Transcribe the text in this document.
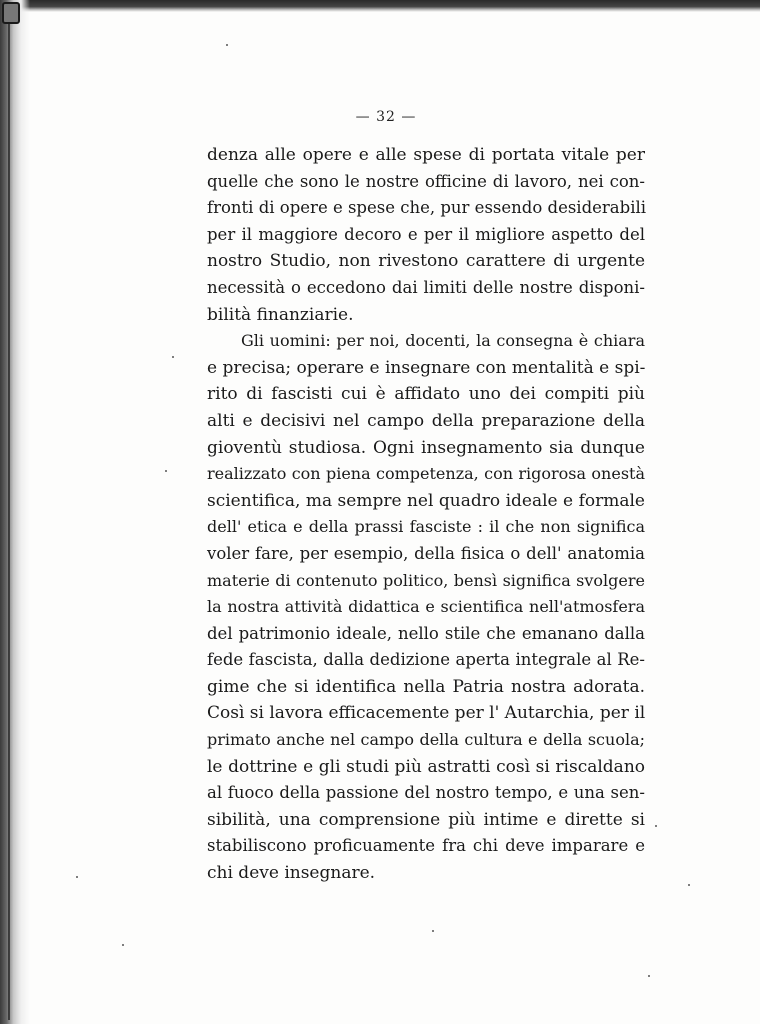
— 32 —
denza alle opere e alle spese di portata vitale per
quelle che sono le nostre officine di lavoro, nei con-
fronti di opere e spese che, pur essendo desiderabili
per il maggiore decoro e per il migliore aspetto del
nostro Studio, non rivestono carattere di urgente
necessità o eccedono dai limiti delle nostre disponi-
bilità finanziarie.
Gli uomini: per noi, docenti, la consegna è chiara
e precisa; operare e insegnare con mentalità e spi-
rito di fascisti cui è affidato uno dei compiti più
alti e decisivi nel campo della preparazione della
gioventù studiosa. Ogni insegnamento sia dunque
realizzato con piena competenza, con rigorosa onestà
scientifica, ma sempre nel quadro ideale e formale
dell' etica e della prassi fasciste : il che non significa
voler fare, per esempio, della fisica o dell' anatomia
materie di contenuto politico, bensì significa svolgere
la nostra attività didattica e scientifica nell'atmosfera
del patrimonio ideale, nello stile che emanano dalla
fede fascista, dalla dedizione aperta integrale al Re-
gime che si identifica nella Patria nostra adorata.
Così si lavora efficacemente per l' Autarchia, per il
primato anche nel campo della cultura e della scuola;
le dottrine e gli studi più astratti così si riscaldano
al fuoco della passione del nostro tempo, e una sen-
sibilità, una comprensione più intime e dirette si
stabiliscono proficuamente fra chi deve imparare e
chi deve insegnare.
